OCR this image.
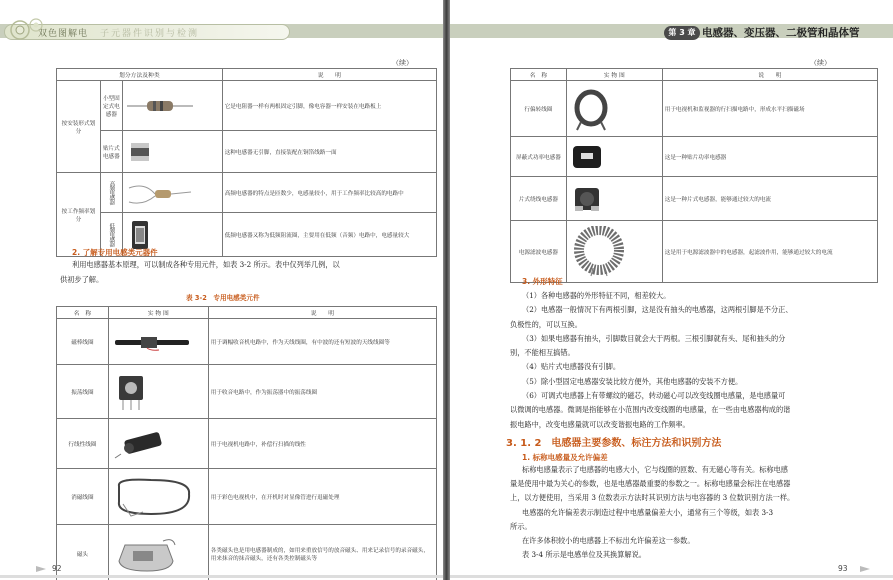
双色图解电 子元器件识别与检测
（续）
划分方法及种类			说　　明
按安装形式划分	小型固定式电感器		它是电阻器一样有两根固定引脚，像电容器一样安装在电路板上
	贴片式电感器		这种电感器无引脚，直接装配在铜箔线路一面
按工作频率划分	高频电感器		高频电感器的特点是匝数少，电感量较小，用于工作频率比较高的电路中

	低频电感器		低频电感器又称为低频阻流圈，主要用在低频（音频）电路中，电感量较大
2. 了解专用电感类元器件

利用电感器基本原理，可以制成各种专用元件，如表 3-2 所示。表中仅列举几例，以

供初步了解。

表 3-2　专用电感类元件
名　称	实 物 图	说　　明
磁棒线圈		用于调幅收音机电路中，作为天线线圈，有中波的还有短波的天线线圈等
振荡线圈		用于收音电路中，作为振荡器中的振荡线圈
行线性线圈		用于电视机电路中，补偿行扫描的线性
消磁线圈		用于彩色电视机中，在开机时对显像管进行退磁处理
磁头		各类磁头也是用电感器制成的，如用来重放信号的放音磁头、用来记录信号的录音磁头，用来抹音的抹音磁头，还有各类控制磁头等
92
第 3 章 电感器、变压器、二极管和晶体管
（续）
名　称	实 物 图	说　　明
行偏转线圈		用于电视机和监视器的行扫描电路中，形成水平扫描磁场
屏蔽式功率电感器		这是一种贴片功率电感器
片式绕线电感器		这是一种片式电感器，能够通过较大的电流
电源滤波电感器		这是用于电源滤波器中的电感器，起滤波作用，能够通过较大的电流
3. 外形特征

（1）各种电感器的外形特征不同，相差较大。

（2）电感器一般情况下有两根引脚，这是没有抽头的电感器，这两根引脚是不分正、

负极性的，可以互换。

（3）如果电感器有抽头，引脚数目就会大于两根。三根引脚就有头、尾和抽头的分

别，不能相互搞错。

（4）贴片式电感器没有引脚。

（5）除小型固定电感器安装比较方便外，其他电感器的安装不方便。

（6）可调式电感器上有带螺纹的磁芯，转动磁心可以改变线圈电感量，是电感量可

以微调的电感器。微调是指能够在小范围内改变线圈的电感量，在一些由电感器构成的谐

振电路中，改变电感量就可以改变谐振电路的工作频率。

3. 1. 2　电感器主要参数、标注方法和识别方法
1. 标称电感量及允许偏差

标称电感量表示了电感器的电感大小，它与线圈的匝数、有无磁心等有关。标称电感

量是使用中最为关心的参数，也是电感器最重要的参数之一。标称电感量会标注在电感器

上，以方便使用，当采用 3 位数表示方法时其识别方法与电容器的 3 位数识别方法一样。

电感器的允许偏差表示制造过程中电感量偏差大小，通常有三个等级，如表 3-3

所示。

在许多体积较小的电感器上不标出允许偏差这一参数。

表 3-4 所示是电感单位及其换算解说。

93
